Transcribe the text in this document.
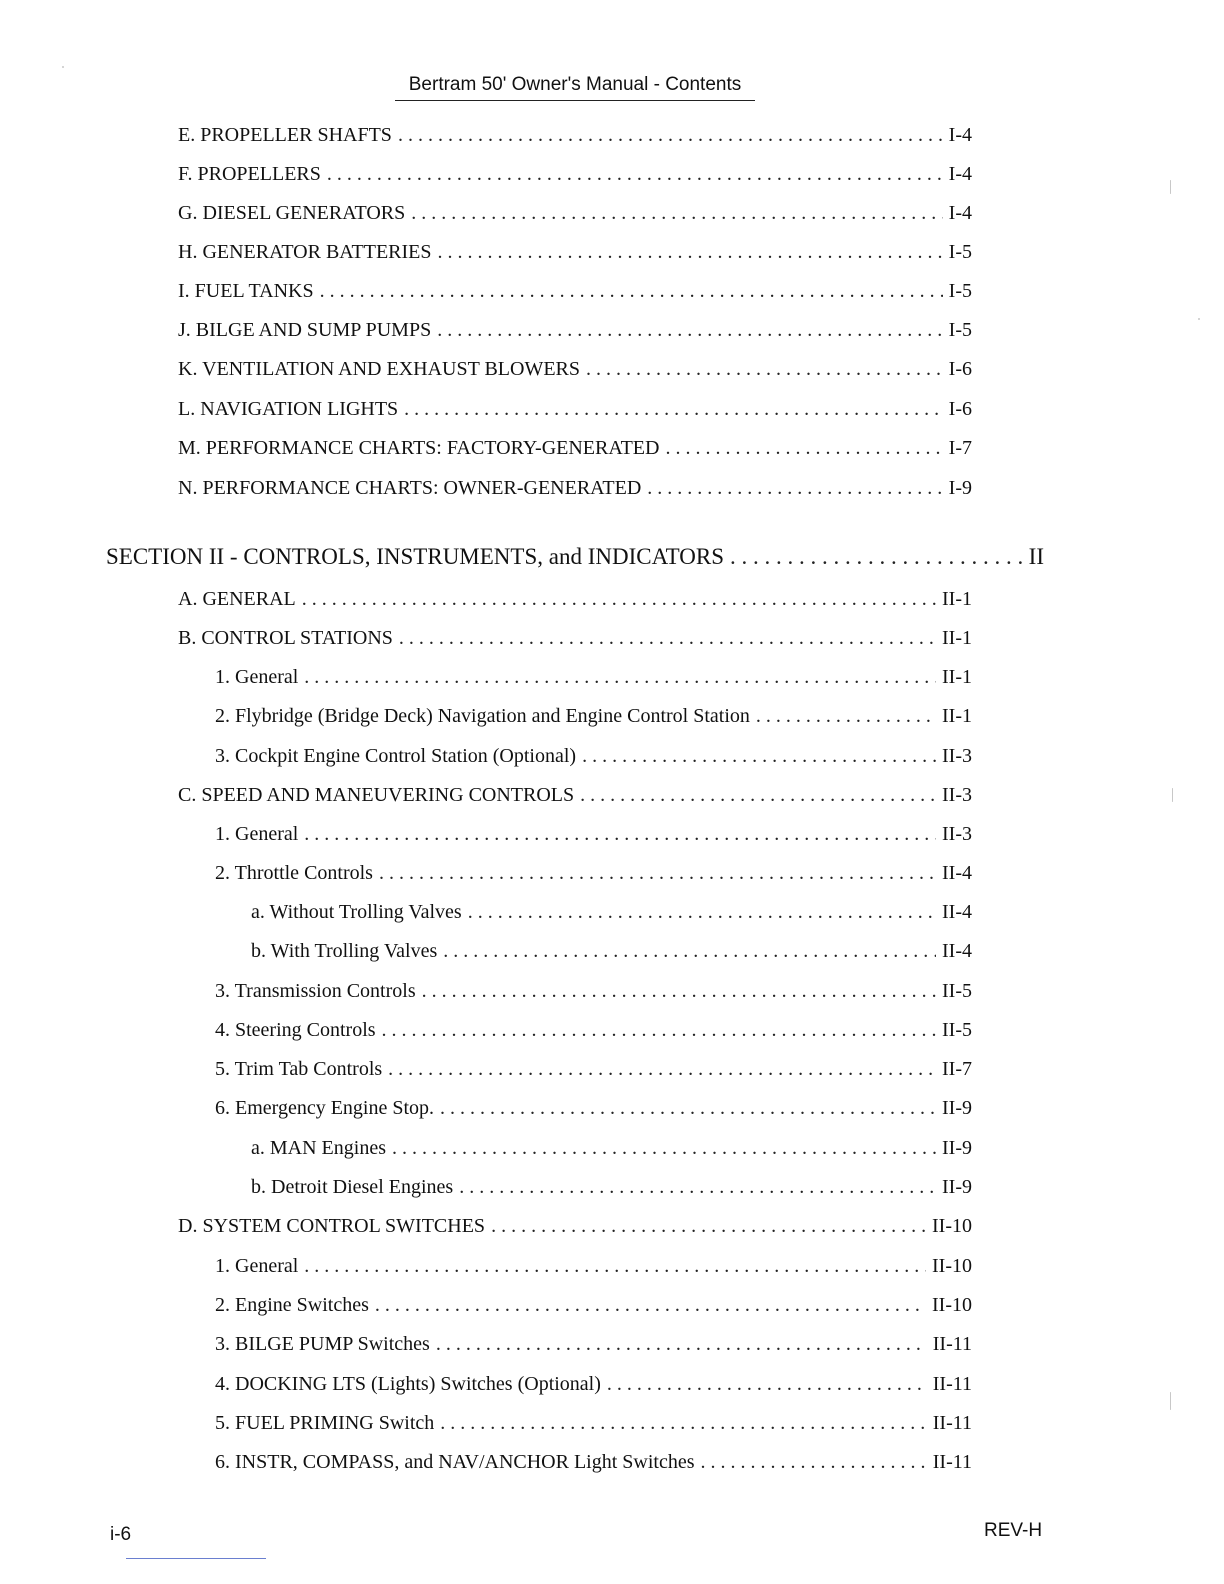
Bertram 50' Owner's Manual - Contents
E. PROPELLER SHAFTS . . .	I-4
F. PROPELLERS . . .	I-4
G. DIESEL GENERATORS . . .	I-4
H. GENERATOR BATTERIES . . .	I-5
I. FUEL TANKS . . .	I-5
J. BILGE AND SUMP PUMPS . . .	I-5
K. VENTILATION AND EXHAUST BLOWERS . . .	I-6
L. NAVIGATION LIGHTS . . .	I-6
M. PERFORMANCE CHARTS: FACTORY-GENERATED . . .	I-7
N. PERFORMANCE CHARTS: OWNER-GENERATED . . .	I-9
SECTION II - CONTROLS, INSTRUMENTS, and INDICATORS . . .	II
A. GENERAL . . .	II-1
B. CONTROL STATIONS . . .	II-1
1. General . . .	II-1
2. Flybridge (Bridge Deck) Navigation and Engine Control Station . . .	II-1
3. Cockpit Engine Control Station (Optional) . . .	II-3
C. SPEED AND MANEUVERING CONTROLS . . .	II-3
1. General . . .	II-3
2. Throttle Controls . . .	II-4
a. Without Trolling Valves . . .	II-4
b. With Trolling Valves . . .	II-4
3. Transmission Controls . . .	II-5
4. Steering Controls . . .	II-5
5. Trim Tab Controls . . .	II-7
6. Emergency Engine Stop. . . .	II-9
a. MAN Engines . . .	II-9
b. Detroit Diesel Engines . . .	II-9
D. SYSTEM CONTROL SWITCHES . . .	II-10
1. General . . .	II-10
2. Engine Switches . . .	II-10
3. BILGE PUMP Switches . . .	II-11
4. DOCKING LTS (Lights) Switches (Optional) . . .	II-11
5. FUEL PRIMING Switch . . .	II-11
6. INSTR, COMPASS, and NAV/ANCHOR Light Switches . . .	II-11
i-6	REV-H
